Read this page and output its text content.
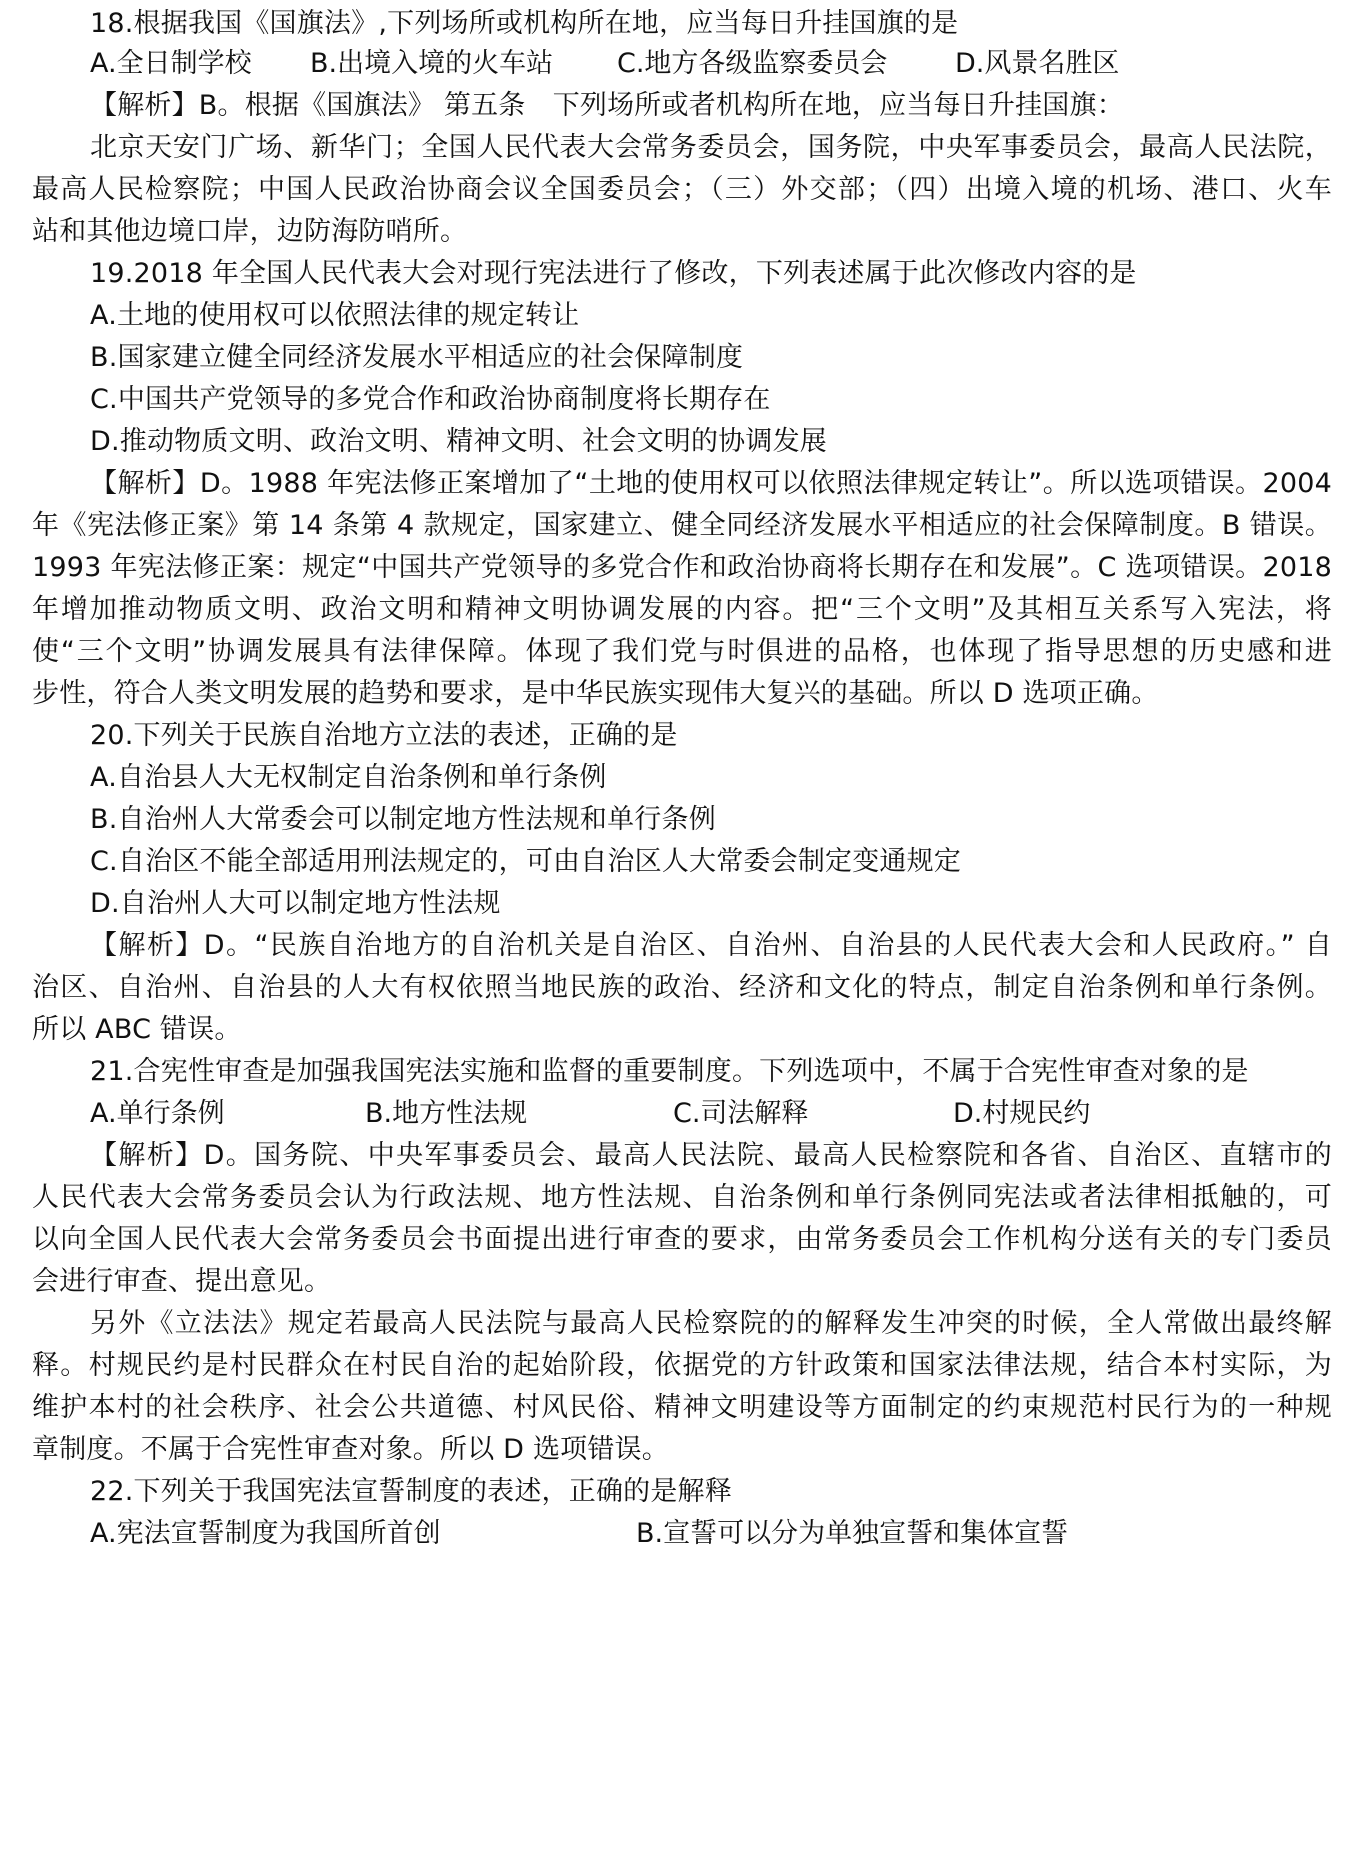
18.根据我国《国旗法》,下列场所或机构所在地，应当每日升挂国旗的是
A.全日制学校 B.出境入境的火车站 C.地方各级监察委员会	D.风景名胜区
【解析】B。根据《国旗法》 第五条　下列场所或者机构所在地，应当每日升挂国旗：
北京天安门广场、新华门；全国人民代表大会常务委员会，国务院，中央军事委员会，最高人民法院，
最高人民检察院；中国人民政治协商会议全国委员会；（三）外交部；（四）出境入境的机场、港口、火车
站和其他边境口岸，边防海防哨所。
19.2018 年全国人民代表大会对现行宪法进行了修改，下列表述属于此次修改内容的是
A.土地的使用权可以依照法律的规定转让
B.国家建立健全同经济发展水平相适应的社会保障制度
C.中国共产党领导的多党合作和政治协商制度将长期存在
D.推动物质文明、政治文明、精神文明、社会文明的协调发展
【解析】D。1988 年宪法修正案增加了“土地的使用权可以依照法律规定转让”。所以选项错误。2004
年《宪法修正案》第 14 条第 4 款规定，国家建立、健全同经济发展水平相适应的社会保障制度。B 错误。
1993 年宪法修正案：规定“中国共产党领导的多党合作和政治协商将长期存在和发展”。C 选项错误。2018
年增加推动物质文明、政治文明和精神文明协调发展的内容。把“三个文明”及其相互关系写入宪法，将
使“三个文明”协调发展具有法律保障。体现了我们党与时俱进的品格，也体现了指导思想的历史感和进
步性，符合人类文明发展的趋势和要求，是中华民族实现伟大复兴的基础。所以 D 选项正确。
20.下列关于民族自治地方立法的表述，正确的是
A.自治县人大无权制定自治条例和单行条例
B.自治州人大常委会可以制定地方性法规和单行条例
C.自治区不能全部适用刑法规定的，可由自治区人大常委会制定变通规定
D.自治州人大可以制定地方性法规
【解析】D。“民族自治地方的自治机关是自治区、自治州、自治县的人民代表大会和人民政府。” 自
治区、自治州、自治县的人大有权依照当地民族的政治、经济和文化的特点，制定自治条例和单行条例。
所以 ABC 错误。
21.合宪性审查是加强我国宪法实施和监督的重要制度。下列选项中，不属于合宪性审查对象的是
A.单行条例	B.地方性法规	C.司法解释	D.村规民约
【解析】D。国务院、中央军事委员会、最高人民法院、最高人民检察院和各省、自治区、直辖市的
人民代表大会常务委员会认为行政法规、地方性法规、自治条例和单行条例同宪法或者法律相抵触的，可
以向全国人民代表大会常务委员会书面提出进行审查的要求，由常务委员会工作机构分送有关的专门委员
会进行审查、提出意见。
另外《立法法》规定若最高人民法院与最高人民检察院的的解释发生冲突的时候，全人常做出最终解
释。村规民约是村民群众在村民自治的起始阶段，依据党的方针政策和国家法律法规，结合本村实际，为
维护本村的社会秩序、社会公共道德、村风民俗、精神文明建设等方面制定的约束规范村民行为的一种规
章制度。不属于合宪性审查对象。所以 D 选项错误。
22.下列关于我国宪法宣誓制度的表述，正确的是解释
A.宪法宣誓制度为我国所首创	B.宣誓可以分为单独宣誓和集体宣誓
